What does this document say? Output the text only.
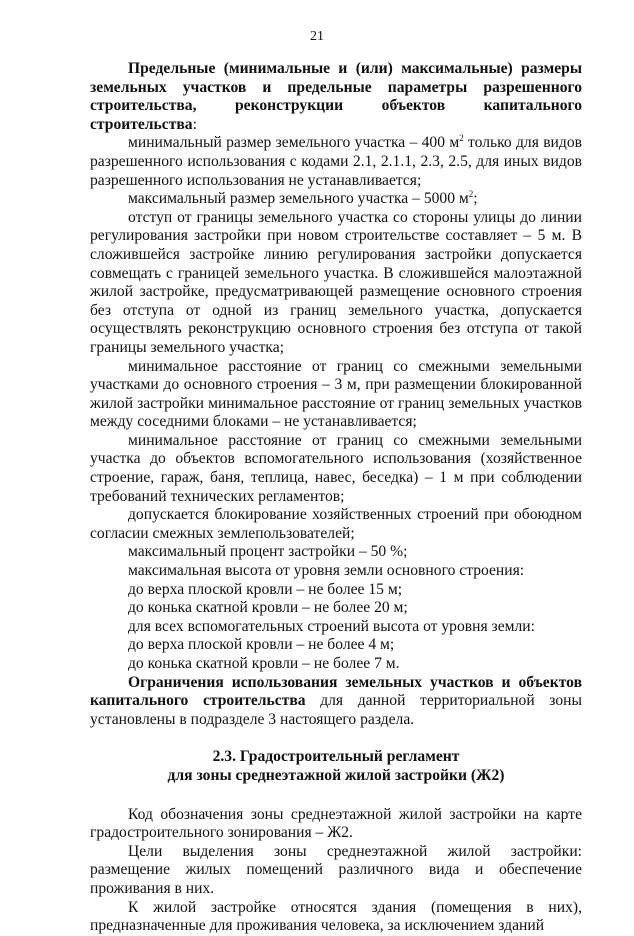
21

Предельные (минимальные и (или) максимальные) размеры земельных участков и предельные параметры разрешенного строительства, реконструкции объектов капитального строительства:

минимальный размер земельного участка – 400 $м^2$ только для видов разрешенного использования с кодами 2.1, 2.1.1, 2.3, 2.5, для иных видов разрешенного использования не устанавливается;

максимальный размер земельного участка – 5000 $м^2$;

отступ от границы земельного участка со стороны улицы до линии регулирования застройки при новом строительстве составляет – 5 м. В сложившейся застройке линию регулирования застройки допускается совмещать с границей земельного участка. В сложившейся малоэтажной жилой застройке, предусматривающей размещение основного строения без отступа от одной из границ земельного участка, допускается осуществлять реконструкцию основного строения без отступа от такой границы земельного участка;

минимальное расстояние от границ со смежными земельными участками до основного строения – 3 м, при размещении блокированной жилой застройки минимальное расстояние от границ земельных участков между соседними блоками – не устанавливается;

минимальное расстояние от границ со смежными земельными участка до объектов вспомогательного использования (хозяйственное строение, гараж, баня, теплица, навес, беседка) – 1 м при соблюдении требований технических регламентов;

допускается блокирование хозяйственных строений при обоюдном согласии смежных землепользователей;

максимальный процент застройки – 50 %;

максимальная высота от уровня земли основного строения:

до верха плоской кровли – не более 15 м;

до конька скатной кровли – не более 20 м;

для всех вспомогательных строений высота от уровня земли:

до верха плоской кровли – не более 4 м;

до конька скатной кровли – не более 7 м.

Ограничения использования земельных участков и объектов капитального строительства для данной территориальной зоны установлены в подразделе 3 настоящего раздела.

2.3. Градостроительный регламент

для зоны среднеэтажной жилой застройки (Ж2)

Код обозначения зоны среднеэтажной жилой застройки на карте градостроительного зонирования – Ж2.

Цели выделения зоны среднеэтажной жилой застройки: размещение жилых помещений различного вида и обеспечение проживания в них.

К жилой застройке относятся здания (помещения в них), предназначенные для проживания человека, за исключением зданий
